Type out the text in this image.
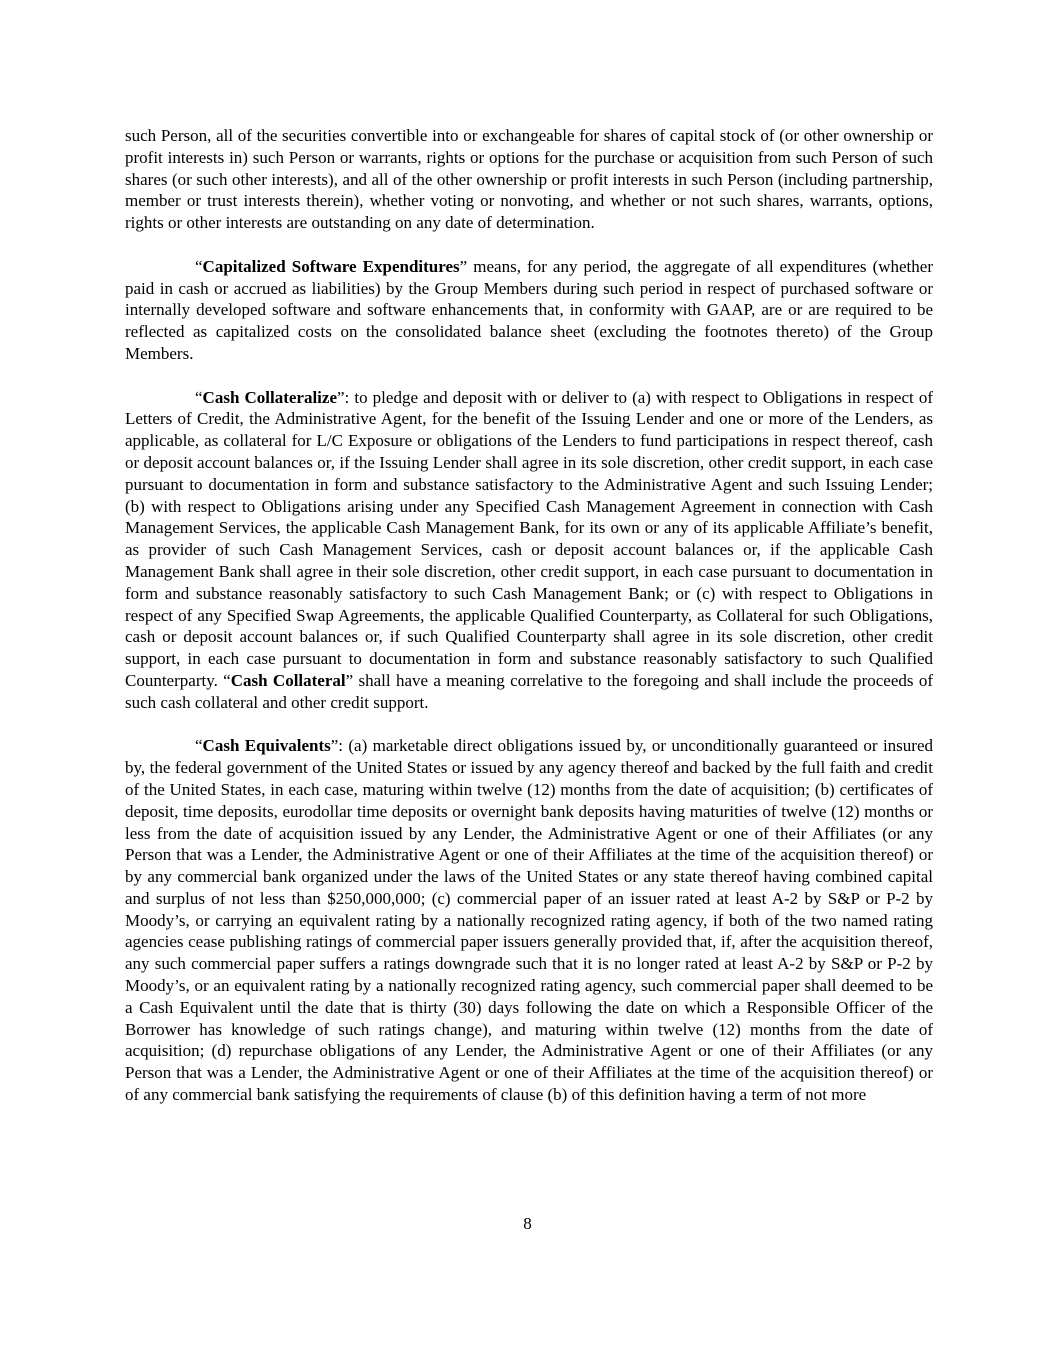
such Person, all of the securities convertible into or exchangeable for shares of capital stock of (or other ownership or profit interests in) such Person or warrants, rights or options for the purchase or acquisition from such Person of such shares (or such other interests), and all of the other ownership or profit interests in such Person (including partnership, member or trust interests therein), whether voting or nonvoting, and whether or not such shares, warrants, options, rights or other interests are outstanding on any date of determination.

“Capitalized Software Expenditures” means, for any period, the aggregate of all expenditures (whether paid in cash or accrued as liabilities) by the Group Members during such period in respect of purchased software or internally developed software and software enhancements that, in conformity with GAAP, are or are required to be reflected as capitalized costs on the consolidated balance sheet (excluding the footnotes thereto) of the Group Members.

“Cash Collateralize”: to pledge and deposit with or deliver to (a) with respect to Obligations in respect of Letters of Credit, the Administrative Agent, for the benefit of the Issuing Lender and one or more of the Lenders, as applicable, as collateral for L/C Exposure or obligations of the Lenders to fund participations in respect thereof, cash or deposit account balances or, if the Issuing Lender shall agree in its sole discretion, other credit support, in each case pursuant to documentation in form and substance satisfactory to the Administrative Agent and such Issuing Lender; (b) with respect to Obligations arising under any Specified Cash Management Agreement in connection with Cash Management Services, the applicable Cash Management Bank, for its own or any of its applicable Affiliate’s benefit, as provider of such Cash Management Services, cash or deposit account balances or, if the applicable Cash Management Bank shall agree in their sole discretion, other credit support, in each case pursuant to documentation in form and substance reasonably satisfactory to such Cash Management Bank; or (c) with respect to Obligations in respect of any Specified Swap Agreements, the applicable Qualified Counterparty, as Collateral for such Obligations, cash or deposit account balances or, if such Qualified Counterparty shall agree in its sole discretion, other credit support, in each case pursuant to documentation in form and substance reasonably satisfactory to such Qualified Counterparty. “Cash Collateral” shall have a meaning correlative to the foregoing and shall include the proceeds of such cash collateral and other credit support.

“Cash Equivalents”: (a) marketable direct obligations issued by, or unconditionally guaranteed or insured by, the federal government of the United States or issued by any agency thereof and backed by the full faith and credit of the United States, in each case, maturing within twelve (12) months from the date of acquisition; (b) certificates of deposit, time deposits, eurodollar time deposits or overnight bank deposits having maturities of twelve (12) months or less from the date of acquisition issued by any Lender, the Administrative Agent or one of their Affiliates (or any Person that was a Lender, the Administrative Agent or one of their Affiliates at the time of the acquisition thereof) or by any commercial bank organized under the laws of the United States or any state thereof having combined capital and surplus of not less than $250,000,000; (c) commercial paper of an issuer rated at least A-2 by S&P or P-2 by Moody’s, or carrying an equivalent rating by a nationally recognized rating agency, if both of the two named rating agencies cease publishing ratings of commercial paper issuers generally provided that, if, after the acquisition thereof, any such commercial paper suffers a ratings downgrade such that it is no longer rated at least A-2 by S&P or P-2 by Moody’s, or an equivalent rating by a nationally recognized rating agency, such commercial paper shall deemed to be a Cash Equivalent until the date that is thirty (30) days following the date on which a Responsible Officer of the Borrower has knowledge of such ratings change), and maturing within twelve (12) months from the date of acquisition; (d) repurchase obligations of any Lender, the Administrative Agent or one of their Affiliates (or any Person that was a Lender, the Administrative Agent or one of their Affiliates at the time of the acquisition thereof) or of any commercial bank satisfying the requirements of clause (b) of this definition having a term of not more

8
